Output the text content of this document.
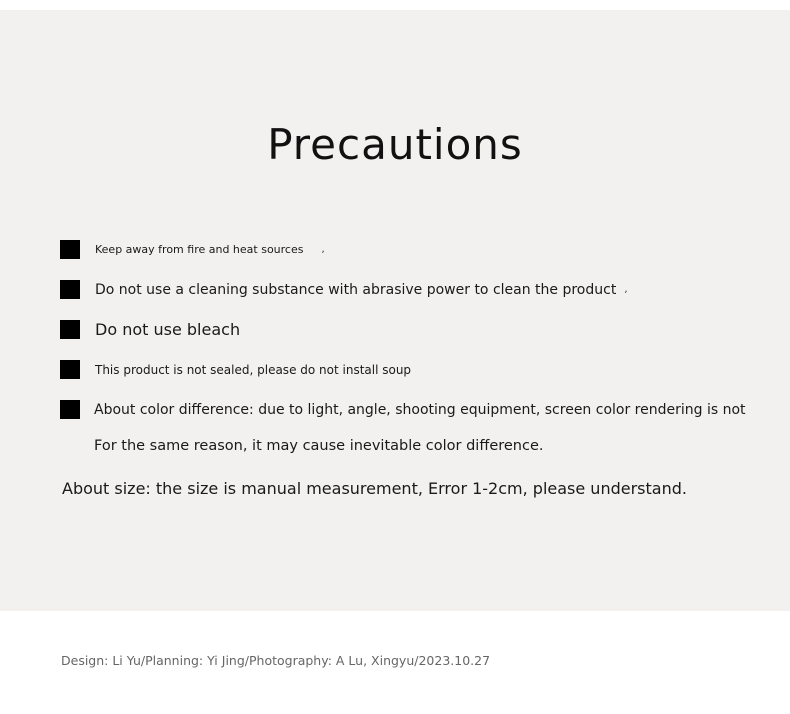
Precautions
Keep away from fire and heat sources ,
Do not use a cleaning substance with abrasive power to clean the product ,
Do not use bleach
This product is not sealed, please do not install soup
About color difference: due to light, angle, shooting equipment, screen color rendering is not
For the same reason, it may cause inevitable color difference.
About size: the size is manual measurement, Error 1-2cm, please understand.
Design: Li Yu/Planning: Yi Jing/Photography: A Lu, Xingyu/2023.10.27
